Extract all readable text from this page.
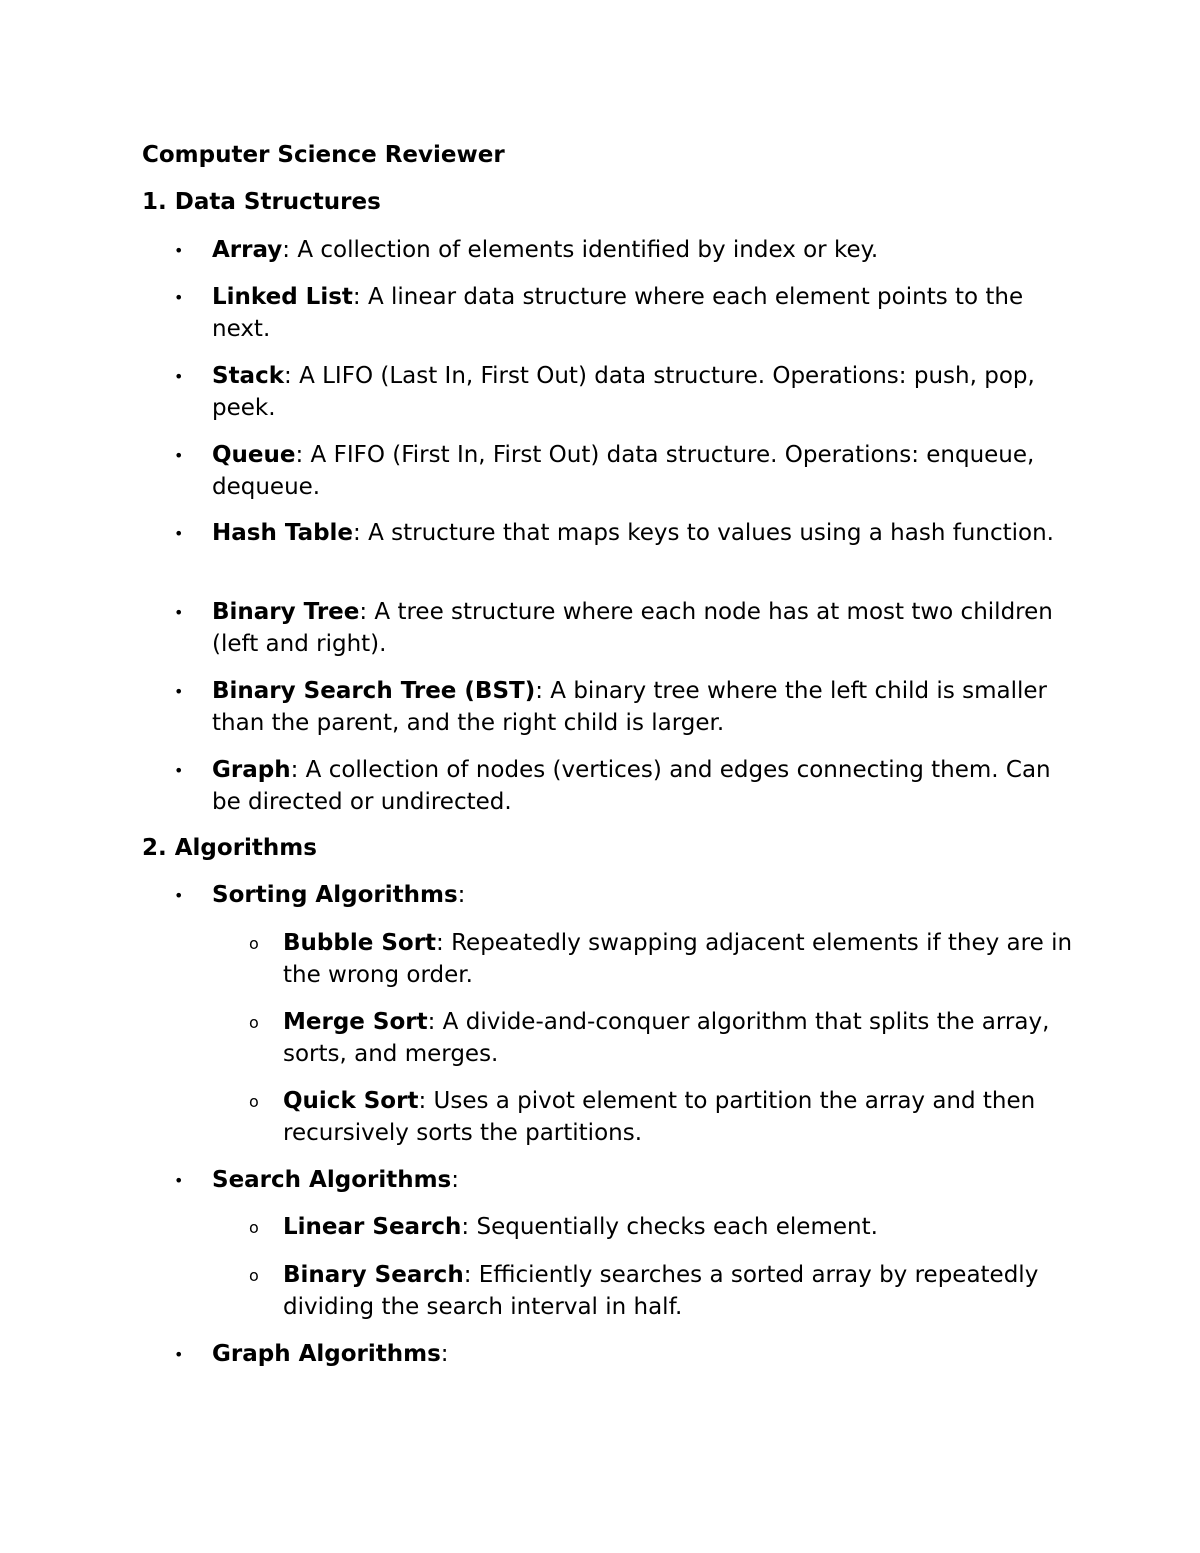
Computer Science Reviewer
1. Data Structures
• Array: A collection of elements identified by index or key.

• Linked List: A linear data structure where each element points to the next.

• Stack: A LIFO (Last In, First Out) data structure. Operations: push, pop, peek.

• Queue: A FIFO (First In, First Out) data structure. Operations: enqueue, dequeue.

• Hash Table: A structure that maps keys to values using a hash function.

• Binary Tree: A tree structure where each node has at most two children (left and right).

• Binary Search Tree (BST): A binary tree where the left child is smaller than the parent, and the right child is larger.

• Graph: A collection of nodes (vertices) and edges connecting them. Can be directed or undirected.

2. Algorithms
• Sorting Algorithms:

o Bubble Sort: Repeatedly swapping adjacent elements if they are in the wrong order.

o Merge Sort: A divide-and-conquer algorithm that splits the array, sorts, and merges.

o Quick Sort: Uses a pivot element to partition the array and then recursively sorts the partitions.

• Search Algorithms:

o Linear Search: Sequentially checks each element.

o Binary Search: Efficiently searches a sorted array by repeatedly dividing the search interval in half.

• Graph Algorithms:
